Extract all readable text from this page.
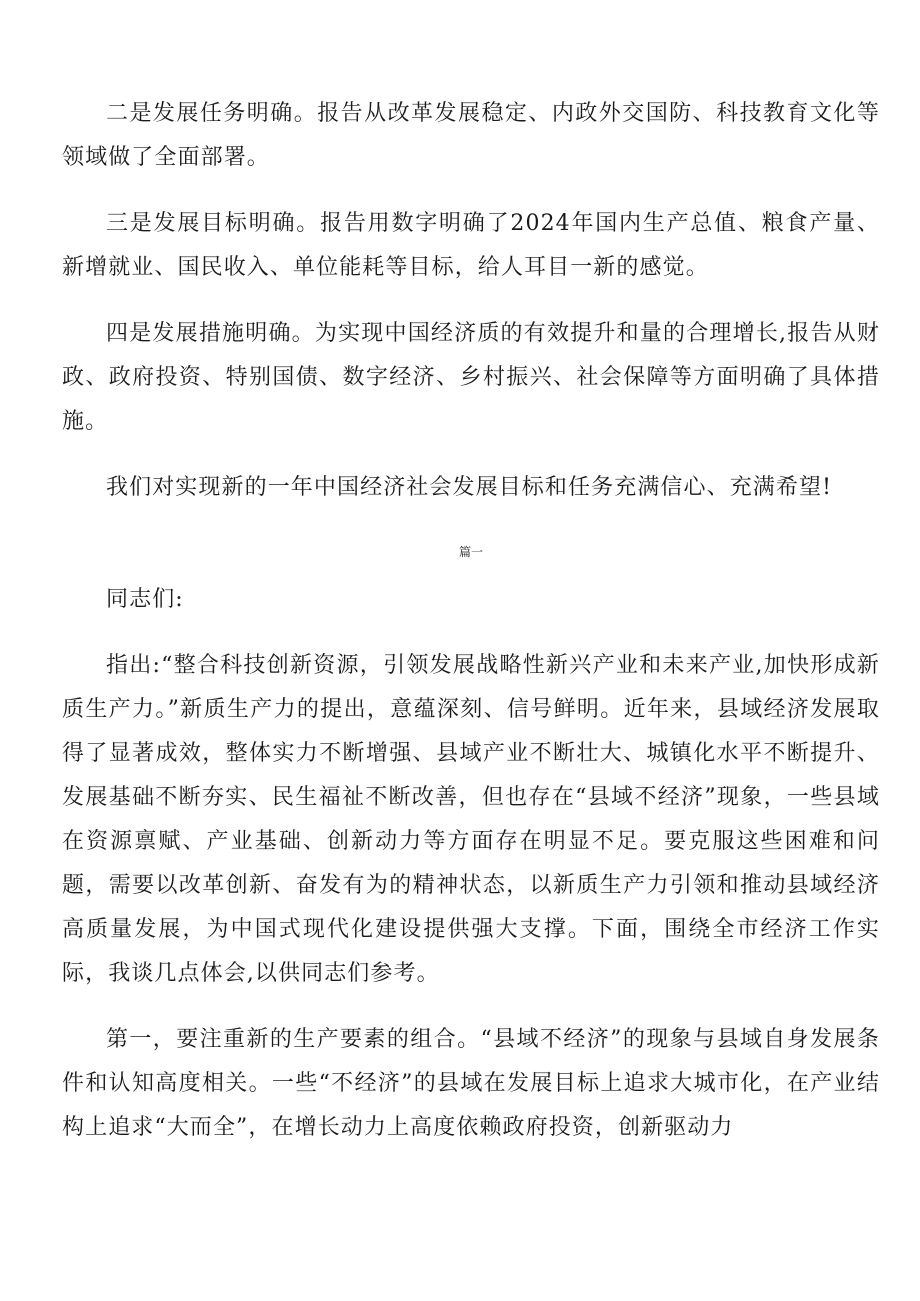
二是发展任务明确。报告从改革发展稳定、内政外交国防、科技教育文化等领域做了全面部署。

三是发展目标明确。报告用数字明确了2024年国内生产总值、粮食产量、新增就业、国民收入、单位能耗等目标，给人耳目一新的感觉。

四是发展措施明确。为实现中国经济质的有效提升和量的合理增长,报告从财政、政府投资、特别国债、数字经济、乡村振兴、社会保障等方面明确了具体措施。

我们对实现新的一年中国经济社会发展目标和任务充满信心、充满希望!

篇一

同志们:

指出:“整合科技创新资源，引领发展战略性新兴产业和未来产业,加快形成新质生产力。”新质生产力的提出，意蕴深刻、信号鲜明。近年来，县域经济发展取得了显著成效，整体实力不断增强、县域产业不断壮大、城镇化水平不断提升、发展基础不断夯实、民生福祉不断改善，但也存在“县域不经济”现象，一些县域在资源禀赋、产业基础、创新动力等方面存在明显不足。要克服这些困难和问题，需要以改革创新、奋发有为的精神状态，以新质生产力引领和推动县域经济高质量发展，为中国式现代化建设提供强大支撑。下面，围绕全市经济工作实际，我谈几点体会,以供同志们参考。

第一，要注重新的生产要素的组合。“县域不经济”的现象与县域自身发展条件和认知高度相关。一些“不经济”的县域在发展目标上追求大城市化，在产业结构上追求“大而全”，在增长动力上高度依赖政府投资，创新驱动力
